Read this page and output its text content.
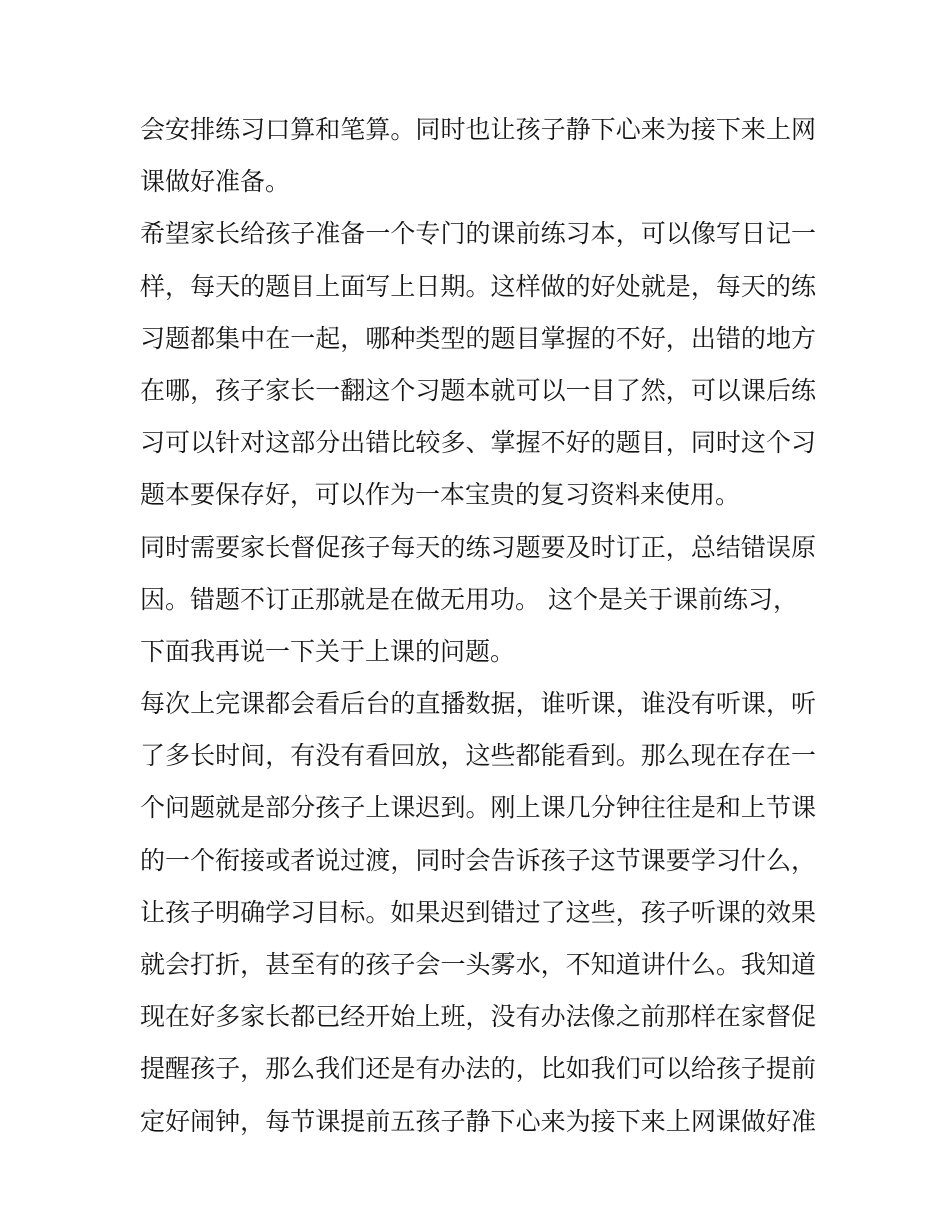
会安排练习口算和笔算。同时也让孩子静下心来为接下来上网
课做好准备。
希望家长给孩子准备一个专门的课前练习本，可以像写日记一
样，每天的题目上面写上日期。这样做的好处就是，每天的练
习题都集中在一起，哪种类型的题目掌握的不好，出错的地方
在哪，孩子家长一翻这个习题本就可以一目了然，可以课后练
习可以针对这部分出错比较多、掌握不好的题目，同时这个习
题本要保存好，可以作为一本宝贵的复习资料来使用。
同时需要家长督促孩子每天的练习题要及时订正，总结错误原
因。错题不订正那就是在做无用功。 这个是关于课前练习，
下面我再说一下关于上课的问题。
每次上完课都会看后台的直播数据，谁听课，谁没有听课，听
了多长时间，有没有看回放，这些都能看到。那么现在存在一
个问题就是部分孩子上课迟到。刚上课几分钟往往是和上节课
的一个衔接或者说过渡，同时会告诉孩子这节课要学习什么，
让孩子明确学习目标。如果迟到错过了这些，孩子听课的效果
就会打折，甚至有的孩子会一头雾水，不知道讲什么。我知道
现在好多家长都已经开始上班，没有办法像之前那样在家督促
提醒孩子，那么我们还是有办法的，比如我们可以给孩子提前
定好闹钟，每节课提前五孩子静下心来为接下来上网课做好准
